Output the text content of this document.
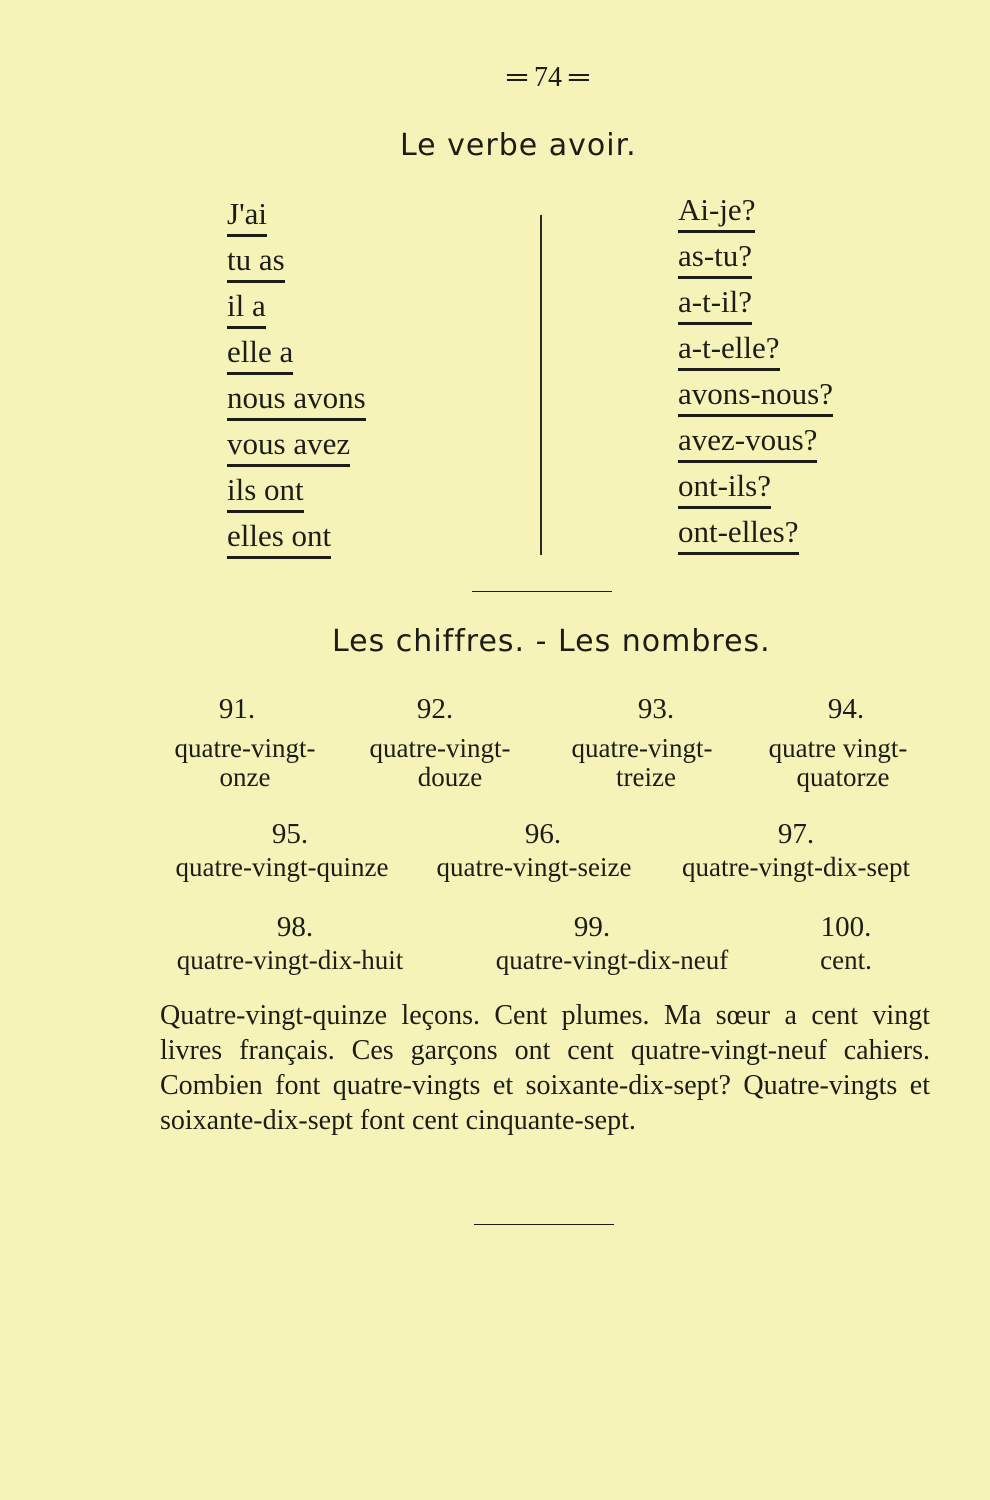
═ 74 ═
Le verbe avoir.
J'ai
tu as
il a
elle a
nous avons
vous avez
ils ont
elles ont
Ai-je?
as-tu?
a-t-il?
a-t-elle?
avons-nous?
avez-vous?
ont-ils?
ont-elles?
Les chiffres. - Les nombres.
91.
quatre-vingt-
onze
92.
quatre-vingt-
douze
93.
quatre-vingt-
treize
94.
quatre vingt-
quatorze
95.
quatre-vingt-quinze
96.
quatre-vingt-seize
97.
quatre-vingt-dix-sept
98.
quatre-vingt-dix-huit
99.
quatre-vingt-dix-neuf
100.
cent.
Quatre-vingt-quinze leçons. Cent plumes. Ma sœur a cent vingt livres français. Ces garçons ont cent quatre-vingt-neuf cahiers. Combien font quatre-vingts et soixante-dix-sept? Quatre-vingts et soixante-dix-sept font cent cinquante-sept.
